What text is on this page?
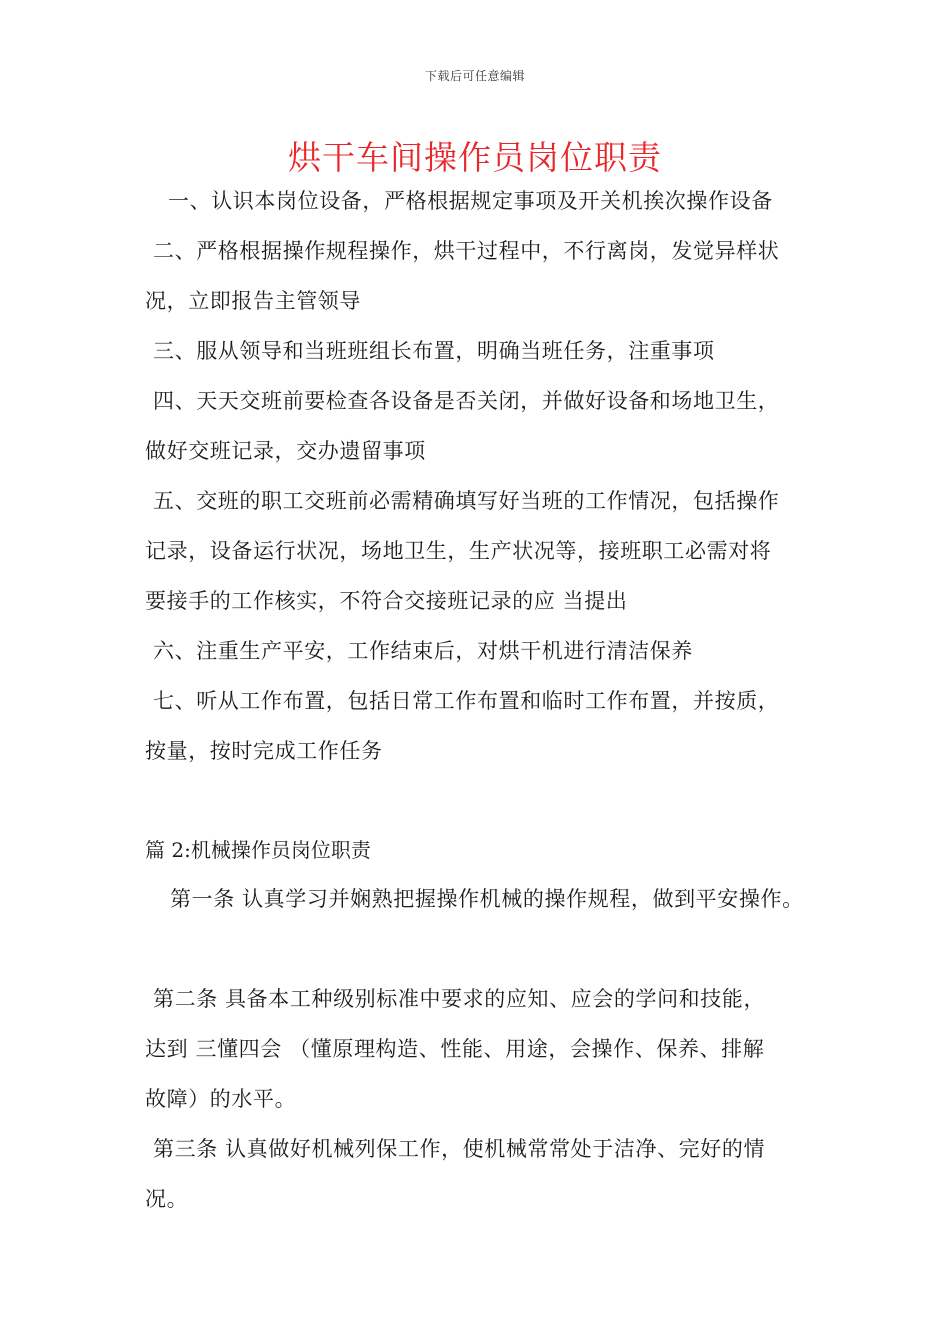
下载后可任意编辑
烘干车间操作员岗位职责
一、认识本岗位设备，严格根据规定事项及开关机挨次操作设备
二、严格根据操作规程操作，烘干过程中，不行离岗，发觉异样状
况，立即报告主管领导
三、服从领导和当班班组长布置，明确当班任务，注重事项
四、天天交班前要检查各设备是否关闭，并做好设备和场地卫生，
做好交班记录，交办遗留事项
五、交班的职工交班前必需精确填写好当班的工作情况，包括操作
记录，设备运行状况，场地卫生，生产状况等，接班职工必需对将
要接手的工作核实，不符合交接班记录的应 当提出
六、注重生产平安，工作结束后，对烘干机进行清洁保养
七、听从工作布置，包括日常工作布置和临时工作布置，并按质，
按量，按时完成工作任务
篇 2:机械操作员岗位职责
第一条 认真学习并娴熟把握操作机械的操作规程，做到平安操作。
第二条 具备本工种级别标准中要求的应知、应会的学问和技能，
达到 三懂四会 （懂原理构造、性能、用途，会操作、保养、排解
故障）的水平。
第三条 认真做好机械列保工作，使机械常常处于洁净、完好的情
况。
